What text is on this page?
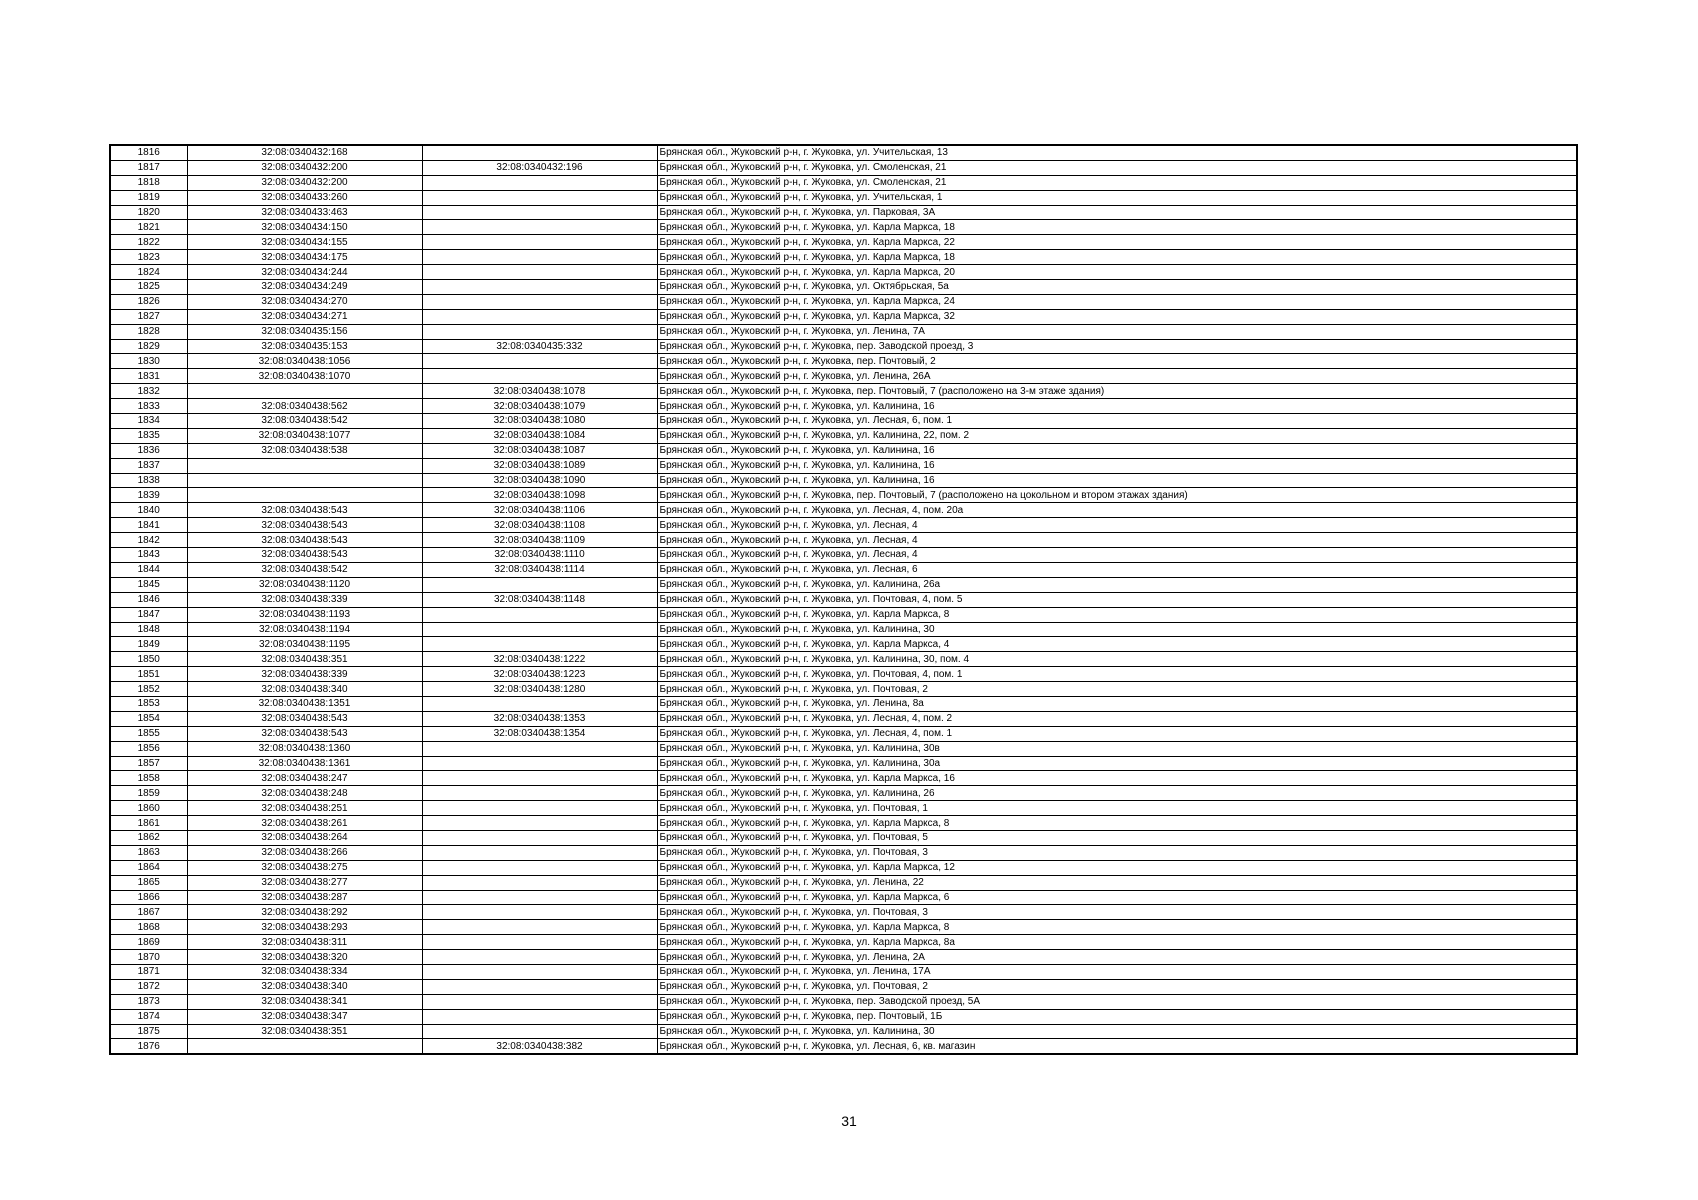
1816	32:08:0340432:168		Брянская обл., Жуковский р-н, г. Жуковка, ул. Учительская, 13
1817	32:08:0340432:200	32:08:0340432:196	Брянская обл., Жуковский р-н, г. Жуковка, ул. Смоленская, 21
1818	32:08:0340432:200		Брянская обл., Жуковский р-н, г. Жуковка, ул. Смоленская, 21
1819	32:08:0340433:260		Брянская обл., Жуковский р-н, г. Жуковка, ул. Учительская, 1
1820	32:08:0340433:463		Брянская обл., Жуковский р-н, г. Жуковка, ул. Парковая, 3А
1821	32:08:0340434:150		Брянская обл., Жуковский р-н, г. Жуковка, ул. Карла Маркса, 18
1822	32:08:0340434:155		Брянская обл., Жуковский р-н, г. Жуковка, ул. Карла Маркса, 22
1823	32:08:0340434:175		Брянская обл., Жуковский р-н, г. Жуковка, ул. Карла Маркса, 18
1824	32:08:0340434:244		Брянская обл., Жуковский р-н, г. Жуковка, ул. Карла Маркса, 20
1825	32:08:0340434:249		Брянская обл., Жуковский р-н, г. Жуковка, ул. Октябрьская, 5а
1826	32:08:0340434:270		Брянская обл., Жуковский р-н, г. Жуковка, ул. Карла Маркса, 24
1827	32:08:0340434:271		Брянская обл., Жуковский р-н, г. Жуковка, ул. Карла Маркса, 32
1828	32:08:0340435:156		Брянская обл., Жуковский р-н, г. Жуковка, ул. Ленина, 7А
1829	32:08:0340435:153	32:08:0340435:332	Брянская обл., Жуковский р-н, г. Жуковка, пер. Заводской проезд, 3
1830	32:08:0340438:1056		Брянская обл., Жуковский р-н, г. Жуковка, пер. Почтовый, 2
1831	32:08:0340438:1070		Брянская обл., Жуковский р-н, г. Жуковка, ул. Ленина, 26А
1832		32:08:0340438:1078	Брянская обл., Жуковский р-н, г. Жуковка, пер. Почтовый, 7 (расположено на 3-м этаже здания)
1833	32:08:0340438:562	32:08:0340438:1079	Брянская обл., Жуковский р-н, г. Жуковка, ул. Калинина, 16
1834	32:08:0340438:542	32:08:0340438:1080	Брянская обл., Жуковский р-н, г. Жуковка, ул. Лесная, 6, пом. 1
1835	32:08:0340438:1077	32:08:0340438:1084	Брянская обл., Жуковский р-н, г. Жуковка, ул. Калинина, 22, пом. 2
1836	32:08:0340438:538	32:08:0340438:1087	Брянская обл., Жуковский р-н, г. Жуковка, ул. Калинина, 16
1837		32:08:0340438:1089	Брянская обл., Жуковский р-н, г. Жуковка, ул. Калинина, 16
1838		32:08:0340438:1090	Брянская обл., Жуковский р-н, г. Жуковка, ул. Калинина, 16
1839		32:08:0340438:1098	Брянская обл., Жуковский р-н, г. Жуковка, пер. Почтовый, 7 (расположено на цокольном и втором этажах здания)
1840	32:08:0340438:543	32:08:0340438:1106	Брянская обл., Жуковский р-н, г. Жуковка, ул. Лесная, 4, пом. 20а
1841	32:08:0340438:543	32:08:0340438:1108	Брянская обл., Жуковский р-н, г. Жуковка, ул. Лесная, 4
1842	32:08:0340438:543	32:08:0340438:1109	Брянская обл., Жуковский р-н, г. Жуковка, ул. Лесная, 4
1843	32:08:0340438:543	32:08:0340438:1110	Брянская обл., Жуковский р-н, г. Жуковка, ул. Лесная, 4
1844	32:08:0340438:542	32:08:0340438:1114	Брянская обл., Жуковский р-н, г. Жуковка, ул. Лесная, 6
1845	32:08:0340438:1120		Брянская обл., Жуковский р-н, г. Жуковка, ул. Калинина, 26а
1846	32:08:0340438:339	32:08:0340438:1148	Брянская обл., Жуковский р-н, г. Жуковка, ул. Почтовая, 4, пом. 5
1847	32:08:0340438:1193		Брянская обл., Жуковский р-н, г. Жуковка, ул. Карла Маркса, 8
1848	32:08:0340438:1194		Брянская обл., Жуковский р-н, г. Жуковка, ул. Калинина, 30
1849	32:08:0340438:1195		Брянская обл., Жуковский р-н, г. Жуковка, ул. Карла Маркса, 4
1850	32:08:0340438:351	32:08:0340438:1222	Брянская обл., Жуковский р-н, г. Жуковка, ул. Калинина, 30, пом. 4
1851	32:08:0340438:339	32:08:0340438:1223	Брянская обл., Жуковский р-н, г. Жуковка, ул. Почтовая, 4, пом. 1
1852	32:08:0340438:340	32:08:0340438:1280	Брянская обл., Жуковский р-н, г. Жуковка, ул. Почтовая, 2
1853	32:08:0340438:1351		Брянская обл., Жуковский р-н, г. Жуковка, ул. Ленина, 8а
1854	32:08:0340438:543	32:08:0340438:1353	Брянская обл., Жуковский р-н, г. Жуковка, ул. Лесная, 4, пом. 2
1855	32:08:0340438:543	32:08:0340438:1354	Брянская обл., Жуковский р-н, г. Жуковка, ул. Лесная, 4, пом. 1
1856	32:08:0340438:1360		Брянская обл., Жуковский р-н, г. Жуковка, ул. Калинина, 30в
1857	32:08:0340438:1361		Брянская обл., Жуковский р-н, г. Жуковка, ул. Калинина, 30а
1858	32:08:0340438:247		Брянская обл., Жуковский р-н, г. Жуковка, ул. Карла Маркса, 16
1859	32:08:0340438:248		Брянская обл., Жуковский р-н, г. Жуковка, ул. Калинина, 26
1860	32:08:0340438:251		Брянская обл., Жуковский р-н, г. Жуковка, ул. Почтовая, 1
1861	32:08:0340438:261		Брянская обл., Жуковский р-н, г. Жуковка, ул. Карла Маркса, 8
1862	32:08:0340438:264		Брянская обл., Жуковский р-н, г. Жуковка, ул. Почтовая, 5
1863	32:08:0340438:266		Брянская обл., Жуковский р-н, г. Жуковка, ул. Почтовая, 3
1864	32:08:0340438:275		Брянская обл., Жуковский р-н, г. Жуковка, ул. Карла Маркса, 12
1865	32:08:0340438:277		Брянская обл., Жуковский р-н, г. Жуковка, ул. Ленина, 22
1866	32:08:0340438:287		Брянская обл., Жуковский р-н, г. Жуковка, ул. Карла Маркса, 6
1867	32:08:0340438:292		Брянская обл., Жуковский р-н, г. Жуковка, ул. Почтовая, 3
1868	32:08:0340438:293		Брянская обл., Жуковский р-н, г. Жуковка, ул. Карла Маркса, 8
1869	32:08:0340438:311		Брянская обл., Жуковский р-н, г. Жуковка, ул. Карла Маркса, 8а
1870	32:08:0340438:320		Брянская обл., Жуковский р-н, г. Жуковка, ул. Ленина, 2А
1871	32:08:0340438:334		Брянская обл., Жуковский р-н, г. Жуковка, ул. Ленина, 17А
1872	32:08:0340438:340		Брянская обл., Жуковский р-н, г. Жуковка, ул. Почтовая, 2
1873	32:08:0340438:341		Брянская обл., Жуковский р-н, г. Жуковка, пер. Заводской проезд, 5А
1874	32:08:0340438:347		Брянская обл., Жуковский р-н, г. Жуковка, пер. Почтовый, 1Б
1875	32:08:0340438:351		Брянская обл., Жуковский р-н, г. Жуковка, ул. Калинина, 30
1876		32:08:0340438:382	Брянская обл., Жуковский р-н, г. Жуковка, ул. Лесная, 6, кв. магазин
31
